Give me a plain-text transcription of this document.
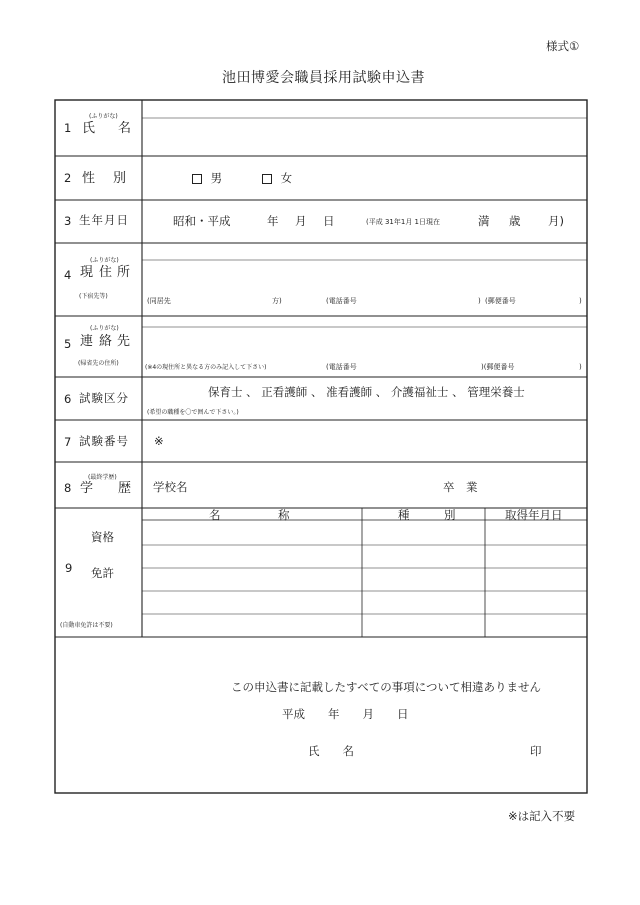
様式①
池田博愛会職員採用試験申込書
1
(ふりがな)
氏 名
2 性 別	男	女
3 生年月日	昭和・平成	年 月 日	(平成 31年1月 1日現在	満 歳 月)
4
(ふりがな)
現 住 所
(下宿先等)
(同居先	方)	(電話番号	) (郵便番号	)
5
(ふりがな)
連 絡 先
(帰省先の住所)
(※4の現住所と異なる方のみ記入して下さい)	(電話番号	)(郵便番号	)
6 試験区分	保育士 、 正看護師 、 准看護師 、 介護福祉士 、 管理栄養士
(希望の職種を〇で囲んで下さい。)
7 試験番号 ※
8
(最終学歴)
学 歴 学校名	卒　業
9
資格
免許
(自動車免許は不要)
名　　　　　称	種　　　別	取得年月日
この申込書に記載したすべての事項について相違ありません
平成　　年　　月　　日
氏　　名	印
※は記入不要
